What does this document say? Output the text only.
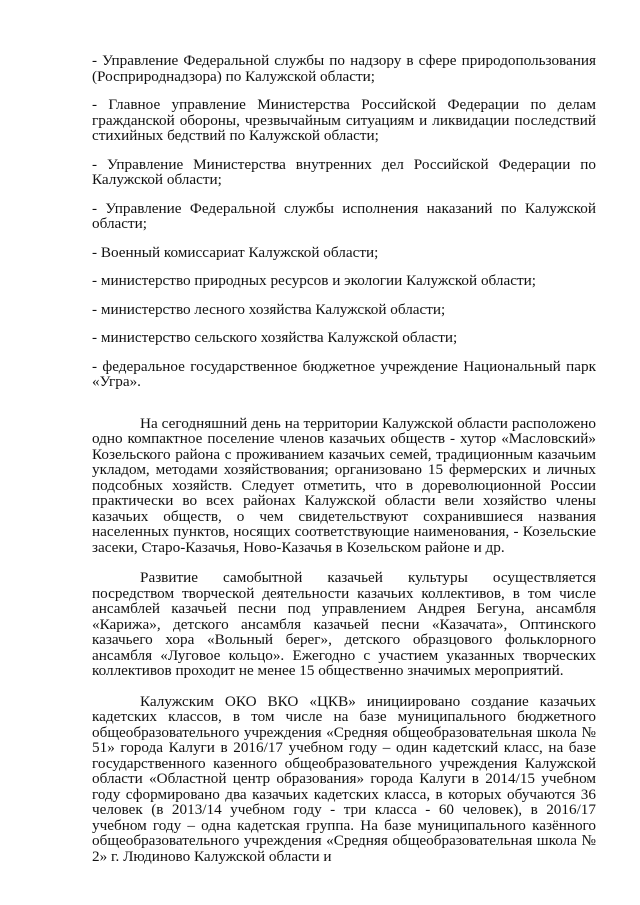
- Управление Федеральной службы по надзору в сфере природопользования (Росприроднадзора) по Калужской области;
- Главное управление Министерства Российской Федерации по делам гражданской обороны, чрезвычайным ситуациям и ликвидации последствий стихийных бедствий по Калужской области;
- Управление Министерства внутренних дел Российской Федерации по Калужской области;
- Управление Федеральной службы исполнения наказаний по Калужской области;
- Военный комиссариат Калужской области;
- министерство природных ресурсов и экологии Калужской области;
- министерство лесного хозяйства Калужской области;
- министерство сельского хозяйства Калужской области;
- федеральное государственное бюджетное учреждение Национальный парк «Угра».
На сегодняшний день на территории Калужской области расположено одно компактное поселение членов казачьих обществ - хутор «Масловский» Козельского района с проживанием казачьих семей, традиционным казачьим укладом, методами хозяйствования; организовано 15 фермерских и личных подсобных хозяйств. Следует отметить, что в дореволюционной России практически во всех районах Калужской области вели хозяйство члены казачьих обществ, о чем свидетельствуют сохранившиеся названия населенных пунктов, носящих соответствующие наименования, - Козельские засеки, Старо-Казачья, Ново-Казачья в Козельском районе и др.
Развитие самобытной казачьей культуры осуществляется посредством творческой деятельности казачьих коллективов, в том числе ансамблей казачьей песни под управлением Андрея Бегуна, ансамбля «Карижа», детского ансамбля казачьей песни «Казачата», Оптинского казачьего хора «Вольный берег», детского образцового фольклорного ансамбля «Луговое кольцо». Ежегодно с участием указанных творческих коллективов проходит не менее 15 общественно значимых мероприятий.
Калужским ОКО ВКО «ЦКВ» инициировано создание казачьих кадетских классов, в том числе на базе муниципального бюджетного общеобразовательного учреждения «Средняя общеобразовательная школа № 51» города Калуги в 2016/17 учебном году – один кадетский класс, на базе государственного казенного общеобразовательного учреждения Калужской области «Областной центр образования» города Калуги в 2014/15 учебном году сформировано два казачьих кадетских класса, в которых обучаются 36 человек (в 2013/14 учебном году - три класса - 60 человек), в 2016/17 учебном году – одна кадетская группа. На базе муниципального казённого общеобразовательного учреждения «Средняя общеобразовательная школа № 2» г. Людиново Калужской области и
